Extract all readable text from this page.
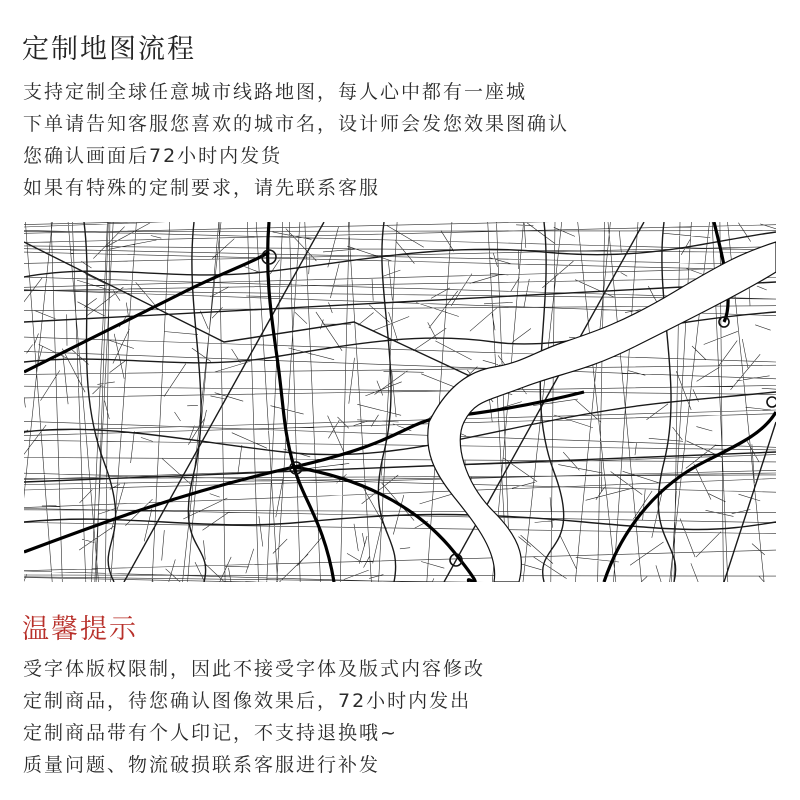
定制地图流程
支持定制全球任意城市线路地图，每人心中都有一座城
下单请告知客服您喜欢的城市名，设计师会发您效果图确认
您确认画面后72小时内发货
如果有特殊的定制要求，请先联系客服
温馨提示
受字体版权限制，因此不接受字体及版式内容修改
定制商品，待您确认图像效果后，72小时内发出
定制商品带有个人印记，不支持退换哦~
质量问题、物流破损联系客服进行补发
